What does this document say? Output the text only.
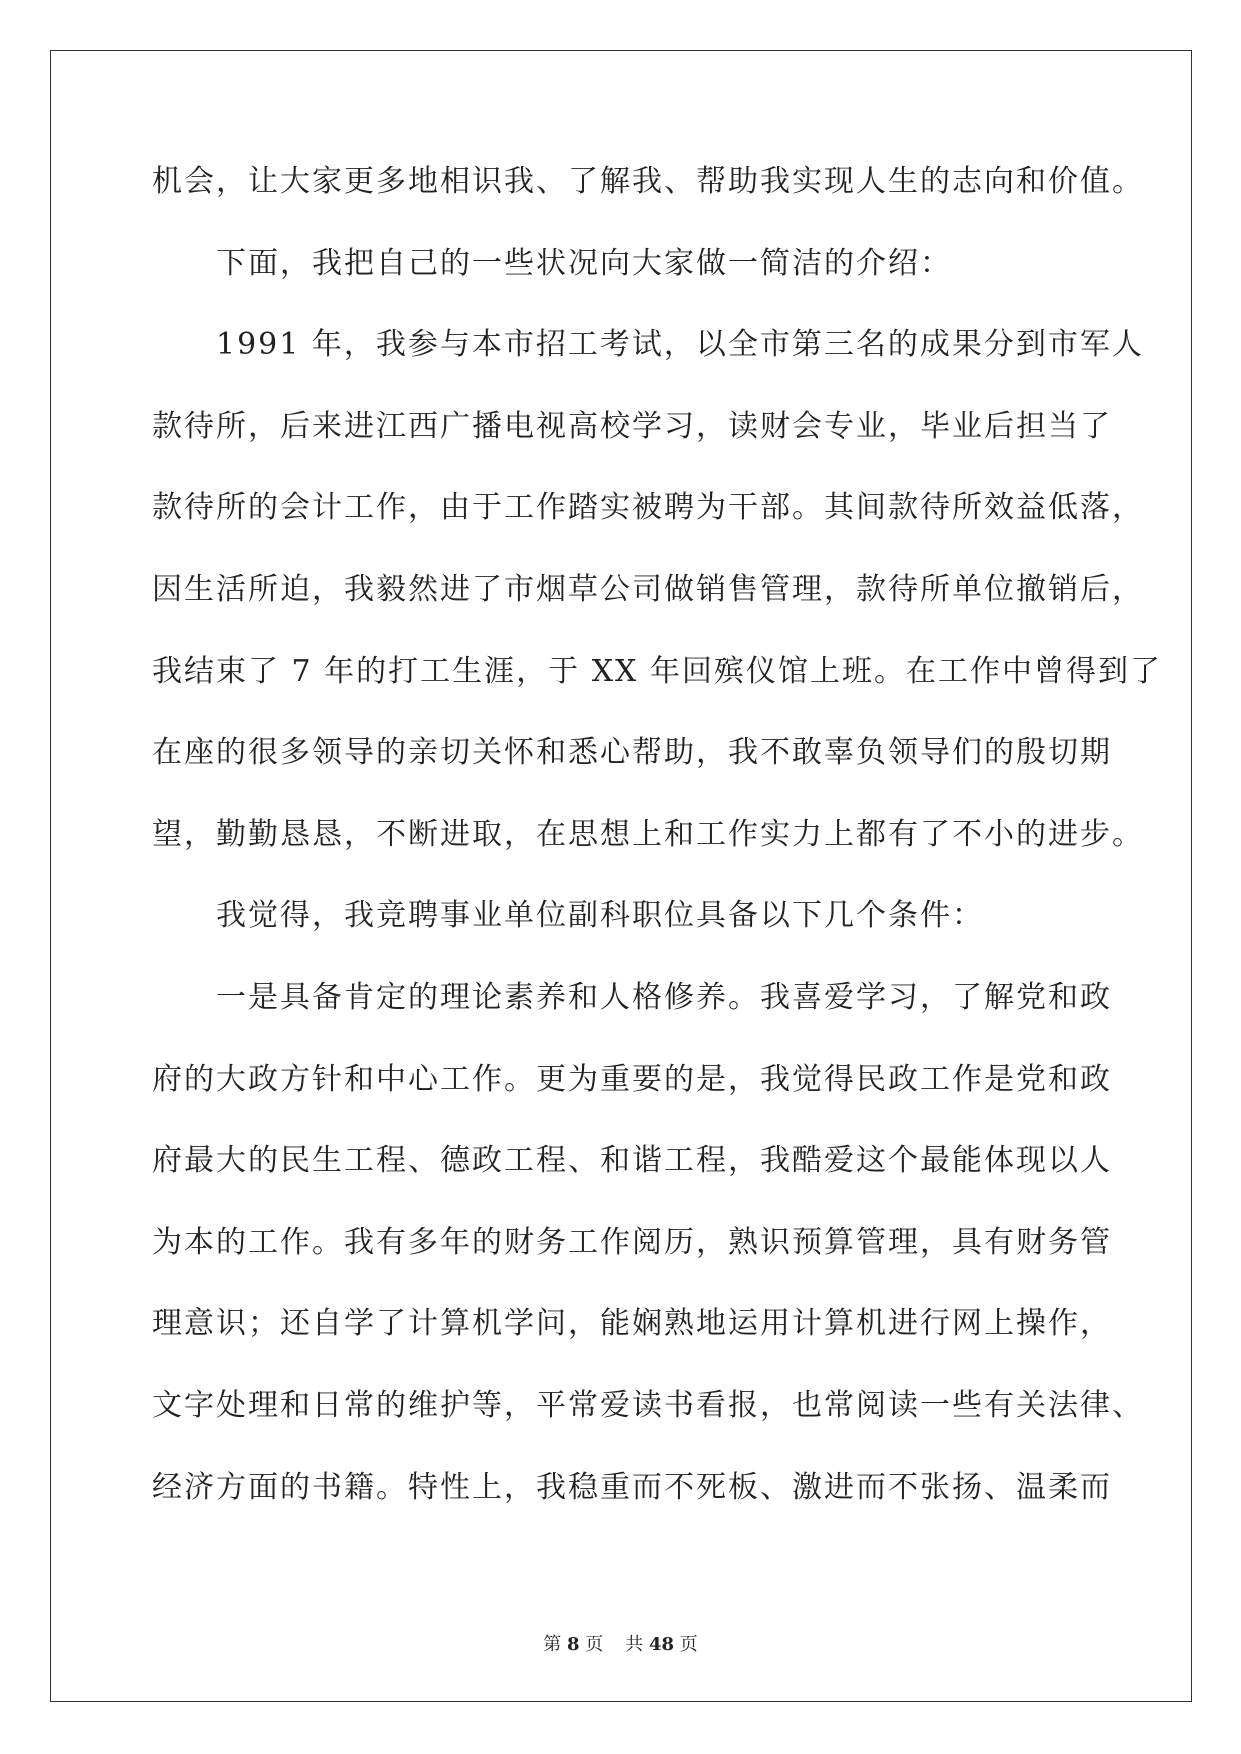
机会，让大家更多地相识我、了解我、帮助我实现人生的志向和价值。
下面，我把自己的一些状况向大家做一简洁的介绍：
1991 年，我参与本市招工考试，以全市第三名的成果分到市军人
款待所，后来进江西广播电视高校学习，读财会专业，毕业后担当了
款待所的会计工作，由于工作踏实被聘为干部。其间款待所效益低落，
因生活所迫，我毅然进了市烟草公司做销售管理，款待所单位撤销后，
我结束了 7 年的打工生涯，于 XX 年回殡仪馆上班。在工作中曾得到了
在座的很多领导的亲切关怀和悉心帮助，我不敢辜负领导们的殷切期
望，勤勤恳恳，不断进取，在思想上和工作实力上都有了不小的进步。
我觉得，我竞聘事业单位副科职位具备以下几个条件：
一是具备肯定的理论素养和人格修养。我喜爱学习，了解党和政
府的大政方针和中心工作。更为重要的是，我觉得民政工作是党和政
府最大的民生工程、德政工程、和谐工程，我酷爱这个最能体现以人
为本的工作。我有多年的财务工作阅历，熟识预算管理，具有财务管
理意识；还自学了计算机学问，能娴熟地运用计算机进行网上操作，
文字处理和日常的维护等，平常爱读书看报，也常阅读一些有关法律、
经济方面的书籍。特性上，我稳重而不死板、激进而不张扬、温柔而
第 8 页 共 48 页
